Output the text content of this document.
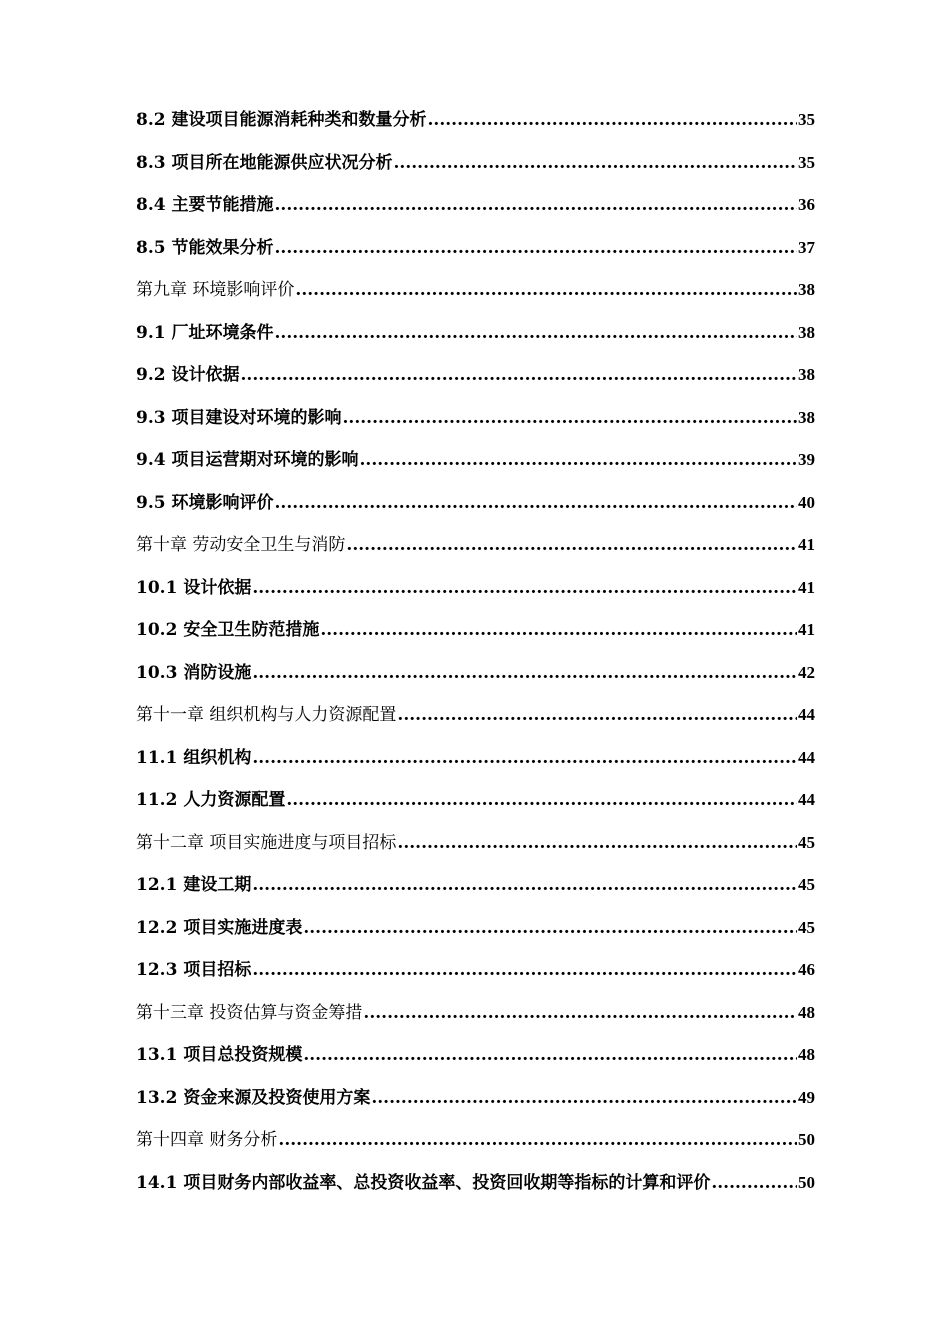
8.2 建设项目能源消耗种类和数量分析 .....	35
8.3 项目所在地能源供应状况分析 .....	35
8.4 主要节能措施 .....	36
8.5 节能效果分析 .....	37
第九章 环境影响评价 .....	38
9.1 厂址环境条件 .....	38
9.2 设计依据 .....	38
9.3 项目建设对环境的影响 .....	38
9.4 项目运营期对环境的影响 .....	39
9.5 环境影响评价 .....	40
第十章 劳动安全卫生与消防 .....	41
10.1 设计依据 .....	41
10.2 安全卫生防范措施 .....	41
10.3 消防设施 .....	42
第十一章 组织机构与人力资源配置 .....	44
11.1 组织机构 .....	44
11.2 人力资源配置 .....	44
第十二章 项目实施进度与项目招标 .....	45
12.1 建设工期 .....	45
12.2 项目实施进度表 .....	45
12.3 项目招标 .....	46
第十三章 投资估算与资金筹措 .....	48
13.1 项目总投资规模 .....	48
13.2 资金来源及投资使用方案 .....	49
第十四章 财务分析 .....	50
14.1 项目财务内部收益率、总投资收益率、投资回收期等指标的计算和评价 .....	50
